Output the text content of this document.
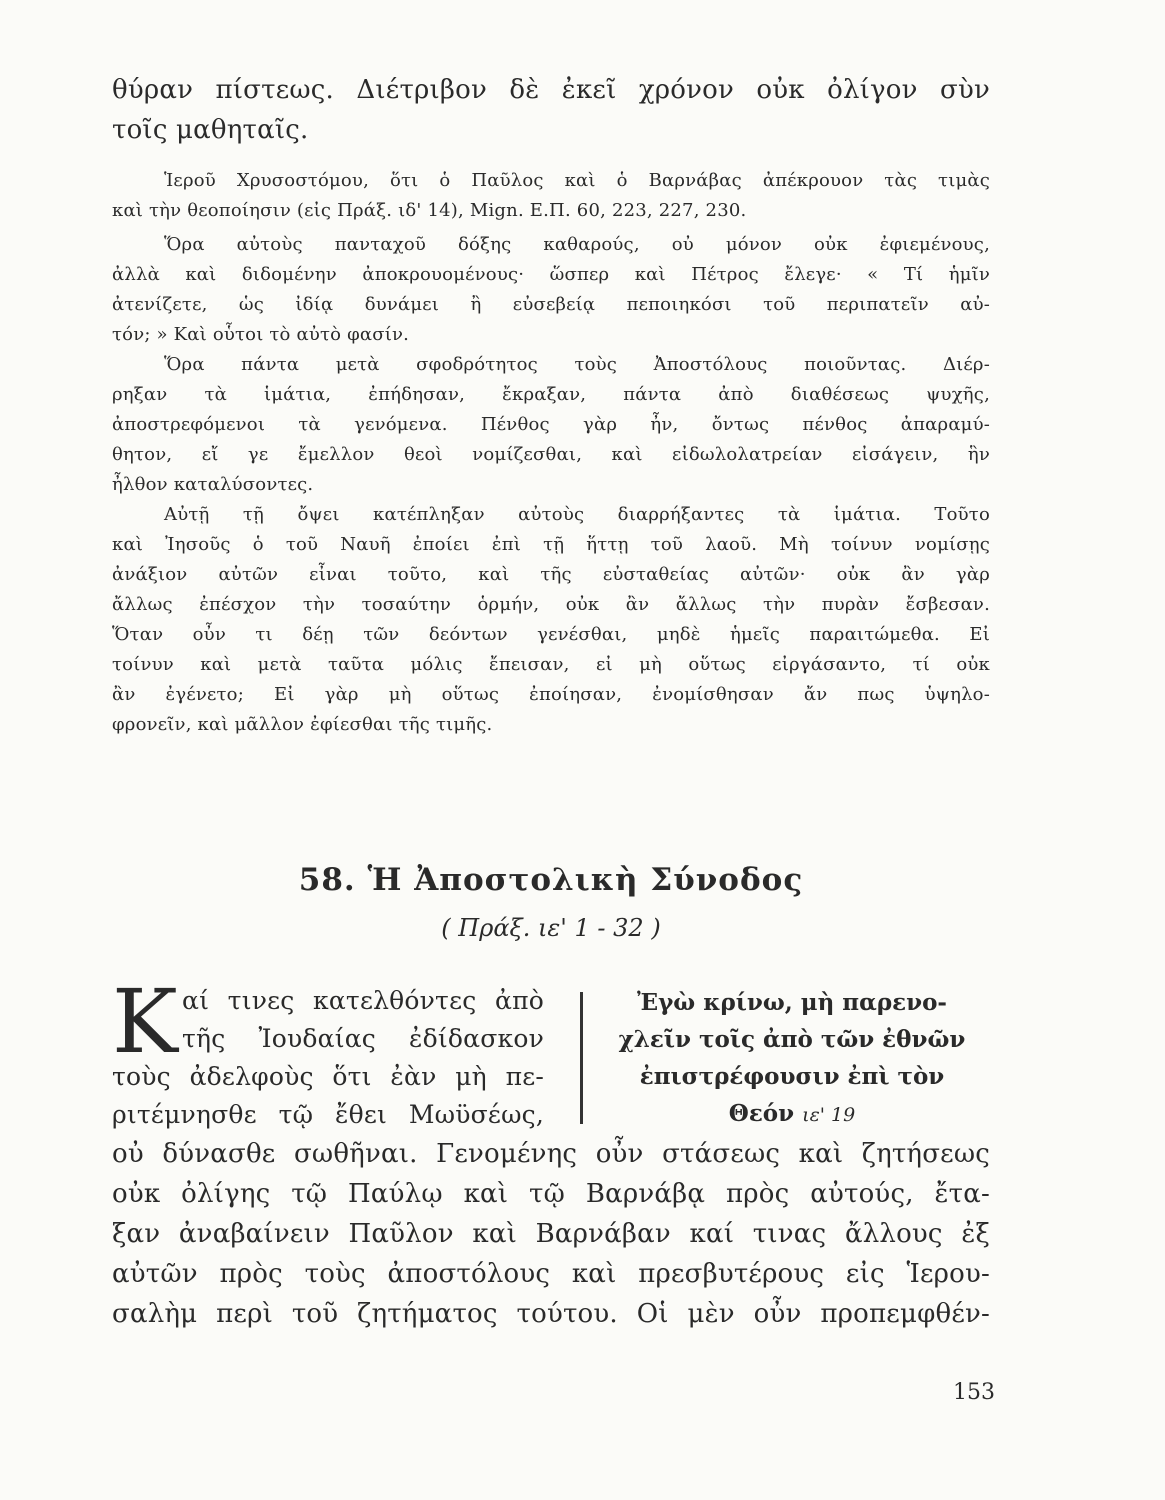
θύραν πίστεως. Διέτριβον δὲ ἐκεῖ χρόνον οὐκ ὀλίγον σὺν
τοῖς μαθηταῖς.
Ἱεροῦ Χρυσοστόμου, ὅτι ὁ Παῦλος καὶ ὁ Βαρνάβας ἀπέκρουον τὰς τιμὰς
καὶ τὴν θεοποίησιν (εἰς Πράξ. ιδ' 14), Mign. E.Π. 60, 223, 227, 230.
Ὅρα αὐτοὺς πανταχοῦ δόξης καθαρούς, οὐ μόνον οὐκ ἐφιεμένους,
ἀλλὰ καὶ διδομένην ἀποκρουομένους· ὥσπερ καὶ Πέτρος ἔλεγε· « Τί ἡμῖν
ἀτενίζετε, ὡς ἰδίᾳ δυνάμει ἢ εὐσεβείᾳ πεποιηκόσι τοῦ περιπατεῖν αὐ-
τόν; » Καὶ οὗτοι τὸ αὐτὸ φασίν.
Ὅρα πάντα μετὰ σφοδρότητος τοὺς Ἀποστόλους ποιοῦντας. Διέρ-
ρηξαν τὰ ἱμάτια, ἐπήδησαν, ἔκραξαν, πάντα ἀπὸ διαθέσεως ψυχῆς,
ἀποστρεφόμενοι τὰ γενόμενα. Πένθος γὰρ ἦν, ὄντως πένθος ἀπαραμύ-
θητον, εἴ γε ἔμελλον θεοὶ νομίζεσθαι, καὶ εἰδωλολατρείαν εἰσάγειν, ἣν
ἦλθον καταλύσοντες.
Αὐτῇ τῇ ὄψει κατέπληξαν αὐτοὺς διαρρήξαντες τὰ ἱμάτια. Τοῦτο
καὶ Ἰησοῦς ὁ τοῦ Ναυῆ ἐποίει ἐπὶ τῇ ἥττῃ τοῦ λαοῦ. Μὴ τοίνυν νομίσῃς
ἀνάξιον αὐτῶν εἶναι τοῦτο, καὶ τῆς εὐσταθείας αὐτῶν· οὐκ ἂν γὰρ
ἄλλως ἐπέσχον τὴν τοσαύτην ὁρμήν, οὐκ ἂν ἄλλως τὴν πυρὰν ἔσβεσαν.
Ὅταν οὖν τι δέῃ τῶν δεόντων γενέσθαι, μηδὲ ἡμεῖς παραιτώμεθα. Εἰ
τοίνυν καὶ μετὰ ταῦτα μόλις ἔπεισαν, εἰ μὴ οὕτως εἰργάσαντο, τί οὐκ
ἂν ἐγένετο; Εἰ γὰρ μὴ οὕτως ἐποίησαν, ἐνομίσθησαν ἄν πως ὑψηλο-
φρονεῖν, καὶ μᾶλλον ἐφίεσθαι τῆς τιμῆς.
58. Ἡ Ἀποστολικὴ Σύνοδος
( Πράξ. ιε' 1 - 32 )
Κ αί τινες κατελθόντες ἀπὸ
τῆς Ἰουδαίας ἐδίδασκον
τοὺς ἀδελφοὺς ὅτι ἐὰν μὴ πε-
ριτέμνησθε τῷ ἔθει Μωϋσέως,
Ἐγὼ κρίνω, μὴ παρενο-
χλεῖν τοῖς ἀπὸ τῶν ἐθνῶν
ἐπιστρέφουσιν ἐπὶ τὸν
Θεόν ιε' 19
οὐ δύνασθε σωθῆναι. Γενομένης οὖν στάσεως καὶ ζητήσεως
οὐκ ὀλίγης τῷ Παύλῳ καὶ τῷ Βαρνάβᾳ πρὸς αὐτούς, ἔτα-
ξαν ἀναβαίνειν Παῦλον καὶ Βαρνάβαν καί τινας ἄλλους ἐξ
αὐτῶν πρὸς τοὺς ἀποστόλους καὶ πρεσβυτέρους εἰς Ἱερου-
σαλὴμ περὶ τοῦ ζητήματος τούτου. Οἱ μὲν οὖν προπεμφθέν-
153
